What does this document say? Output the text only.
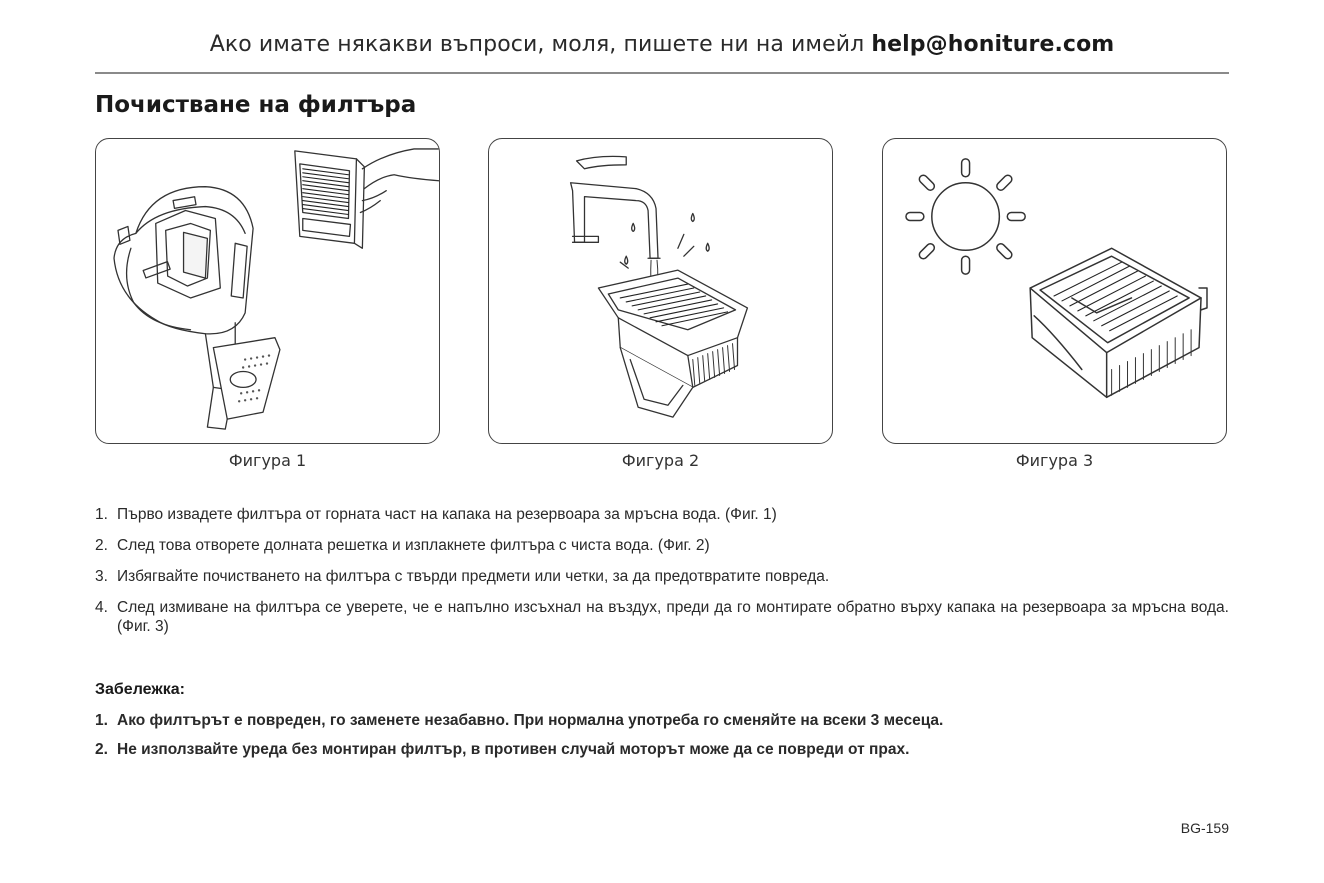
Ако имате някакви въпроси, моля, пишете ни на имейл help@honiture.com
Почистване на филтъра
Фигура 1	Фигура 2	Фигура 3
1. Първо извадете филтъра от горната част на капака на резервоара за мръсна вода. (Фиг. 1)
2. След това отворете долната решетка и изплакнете филтъра с чиста вода. (Фиг. 2)
3. Избягвайте почистването на филтъра с твърди предмети или четки, за да предотвратите повреда.
4. След измиване на филтъра се уверете, че е напълно изсъхнал на въздух, преди да го монтирате обратно върху капака на резервоара за мръсна вода. (Фиг. 3)
Забележка:
1. Ако филтърът е повреден, го заменете незабавно. При нормална употреба го сменяйте на всеки 3 месеца.
2. Не използвайте уреда без монтиран филтър, в противен случай моторът може да се повреди от прах.
BG-159
